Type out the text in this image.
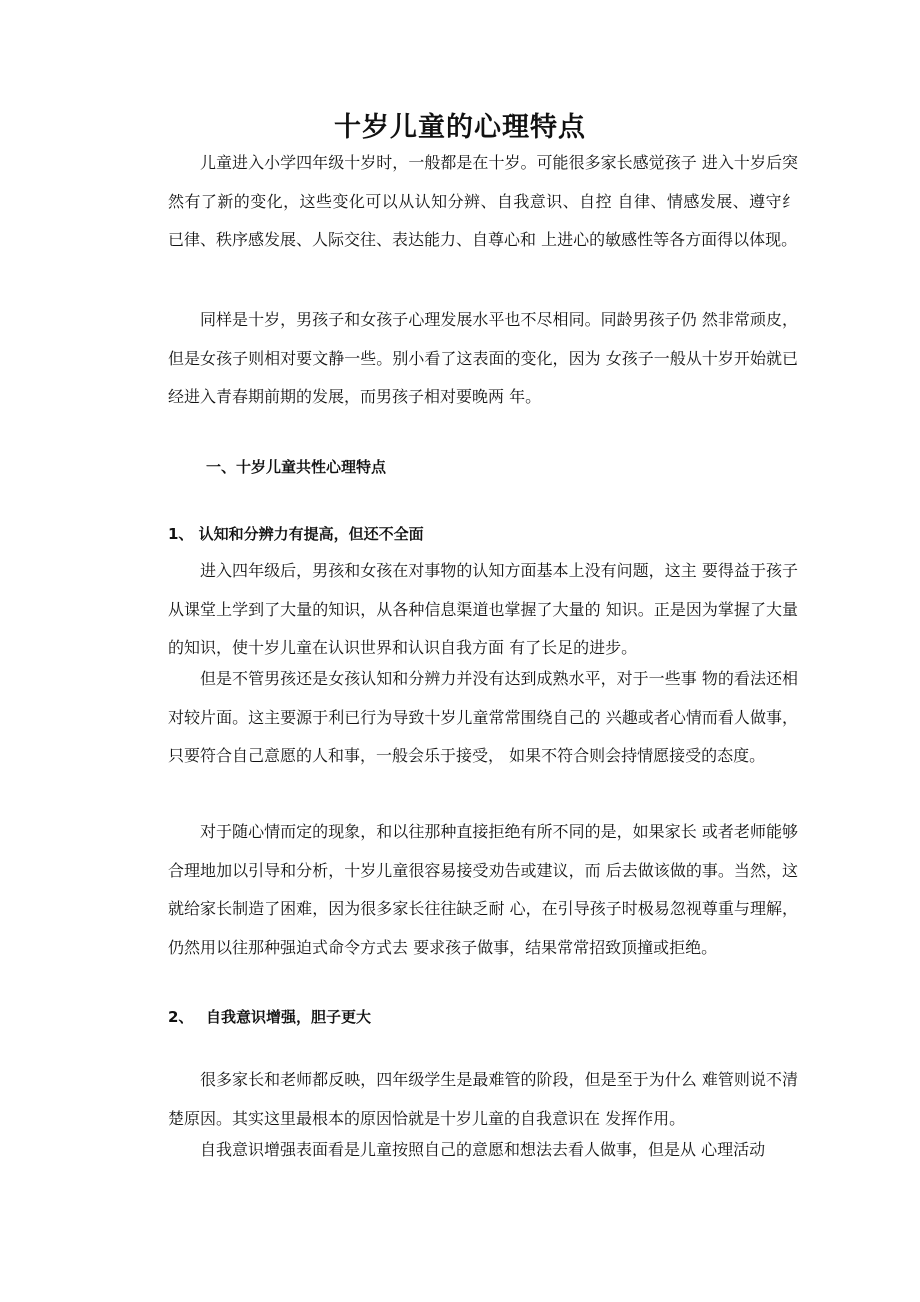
十岁儿童的心理特点

儿童进入小学四年级十岁时，一般都是在十岁。可能很多家长感觉孩子 进入十岁后突然有了新的变化，这些变化可以从认知分辨、自我意识、自控 自律、情感发展、遵守纟 已律、秩序感发展、人际交往、表达能力、自尊心和 上进心的敏感性等各方面得以体现。

同样是十岁，男孩子和女孩子心理发展水平也不尽相同。同龄男孩子仍 然非常顽皮，但是女孩子则相对要文静一些。别小看了这表面的变化，因为 女孩子一般从十岁开始就已经进入青春期前期的发展，而男孩子相对要晚两 年。

一、十岁儿童共性心理特点
1、 认知和分辨力有提高，但还不全面

进入四年级后，男孩和女孩在对事物的认知方面基本上没有问题，这主 要得益于孩子从课堂上学到了大量的知识，从各种信息渠道也掌握了大量的 知识。正是因为掌握了大量的知识，使十岁儿童在认识世界和认识自我方面 有了长足的进步。

但是不管男孩还是女孩认知和分辨力并没有达到成熟水平，对于一些事 物的看法还相对较片面。这主要源于利已行为导致十岁儿童常常围绕自己的 兴趣或者心情而看人做事，只要符合自己意愿的人和事，一般会乐于接受， 如果不符合则会持情愿接受的态度。

对于随心情而定的现象，和以往那种直接拒绝有所不同的是，如果家长 或者老师能够合理地加以引导和分析，十岁儿童很容易接受劝告或建议，而 后去做该做的事。当然，这就给家长制造了困难，因为很多家长往往缺乏耐 心，在引导孩子时极易忽视尊重与理解，仍然用以往那种强迫式命令方式去 要求孩子做事，结果常常招致顶撞或拒绝。

2、 自我意识增强，胆子更大

很多家长和老师都反映，四年级学生是最难管的阶段，但是至于为什么 难管则说不清楚原因。其实这里最根本的原因恰就是十岁儿童的自我意识在 发挥作用。

自我意识增强表面看是儿童按照自己的意愿和想法去看人做事，但是从 心理活动
